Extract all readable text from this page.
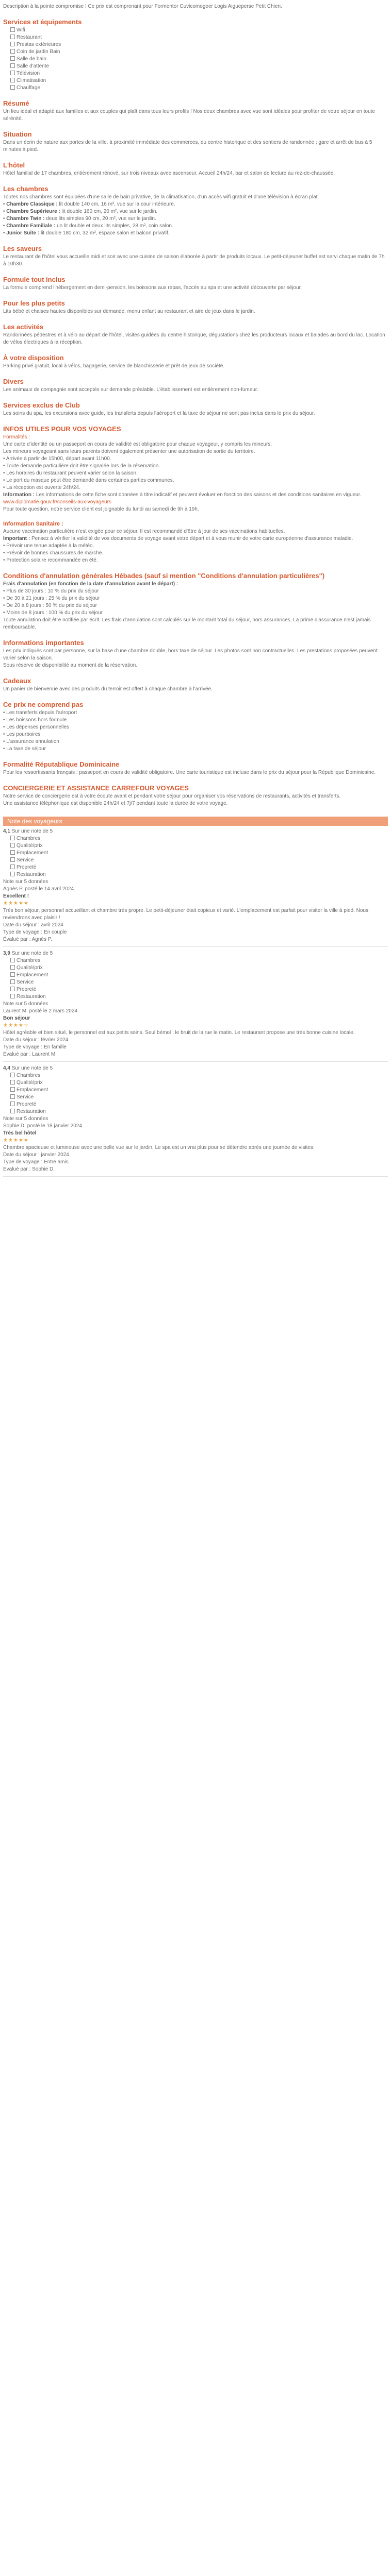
Description à la pointe compromise ! Ce prix est comprenant pour Formentor Cuvicomogeer Logis Aigueperse Petit Chien.

Services et équipements
Wifi
Restaurant
Prestas extérieures
Coin de jardin Bain
Salle de bain
Salle d'attente
Télévision
Climatisation
Chauffage
Résumé

Un lieu idéal et adapté aux familles et aux couples qui plaît dans tous leurs profils ! Nos deux chambres avec vue sont idéales pour profiter de votre séjour en toute sérénité.

Situation

Dans un écrin de nature aux portes de la ville, à proximité immédiate des commerces, du centre historique et des sentiers de randonnée ; gare et arrêt de bus à 5 minutes à pied.

L'hôtel

Hôtel familial de 17 chambres, entièrement rénové, sur trois niveaux avec ascenseur. Accueil 24h/24, bar et salon de lecture au rez-de-chaussée.

Les chambres

Toutes nos chambres sont équipées d'une salle de bain privative, de la climatisation, d'un accès wifi gratuit et d'une télévision à écran plat.

• Chambre Classique : lit double 140 cm, 16 m², vue sur la cour intérieure.

• Chambre Supérieure : lit double 160 cm, 20 m², vue sur le jardin.

• Chambre Twin : deux lits simples 90 cm, 20 m², vue sur le jardin.

• Chambre Familiale : un lit double et deux lits simples, 28 m², coin salon.

• Junior Suite : lit double 180 cm, 32 m², espace salon et balcon privatif.

Les saveurs

Le restaurant de l'hôtel vous accueille midi et soir avec une cuisine de saison élaborée à partir de produits locaux. Le petit-déjeuner buffet est servi chaque matin de 7h à 10h30.

Formule tout inclus

La formule comprend l'hébergement en demi-pension, les boissons aux repas, l'accès au spa et une activité découverte par séjour.

Pour les plus petits

Lits bébé et chaises hautes disponibles sur demande, menu enfant au restaurant et aire de jeux dans le jardin.

Les activités

Randonnées pédestres et à vélo au départ de l'hôtel, visites guidées du centre historique, dégustations chez les producteurs locaux et balades au bord du lac. Location de vélos électriques à la réception.

À votre disposition

Parking privé gratuit, local à vélos, bagagerie, service de blanchisserie et prêt de jeux de société.

Divers

Les animaux de compagnie sont acceptés sur demande préalable. L'établissement est entièrement non-fumeur.

Services exclus de Club

Les soins du spa, les excursions avec guide, les transferts depuis l'aéroport et la taxe de séjour ne sont pas inclus dans le prix du séjour.

INFOS UTILES POUR VOS VOYAGES

Formalités :

Une carte d'identité ou un passeport en cours de validité est obligatoire pour chaque voyageur, y compris les mineurs.

Les mineurs voyageant sans leurs parents doivent également présenter une autorisation de sortie du territoire.

• Arrivée à partir de 15h00, départ avant 11h00.

• Toute demande particulière doit être signalée lors de la réservation.

• Les horaires du restaurant peuvent varier selon la saison.

• Le port du masque peut être demandé dans certaines parties communes.

• La réception est ouverte 24h/24.

Information : Les informations de cette fiche sont données à titre indicatif et peuvent évoluer en fonction des saisons et des conditions sanitaires en vigueur.

www.diplomatie.gouv.fr/conseils-aux-voyageurs

Pour toute question, notre service client est joignable du lundi au samedi de 9h à 19h.

Information Sanitaire :

Aucune vaccination particulière n'est exigée pour ce séjour. Il est recommandé d'être à jour de ses vaccinations habituelles.

Important : Pensez à vérifier la validité de vos documents de voyage avant votre départ et à vous munir de votre carte européenne d'assurance maladie.

• Prévoir une tenue adaptée à la météo.

• Prévoir de bonnes chaussures de marche.

• Protection solaire recommandée en été.

Conditions d'annulation générales Hébades (sauf si mention "Conditions d'annulation particulières")

Frais d'annulation (en fonction de la date d'annulation avant le départ) :

• Plus de 30 jours : 10 % du prix du séjour

• De 30 à 21 jours : 25 % du prix du séjour

• De 20 à 8 jours : 50 % du prix du séjour

• Moins de 8 jours : 100 % du prix du séjour

Toute annulation doit être notifiée par écrit. Les frais d'annulation sont calculés sur le montant total du séjour, hors assurances. La prime d'assurance n'est jamais remboursable.

Informations importantes

Les prix indiqués sont par personne, sur la base d'une chambre double, hors taxe de séjour. Les photos sont non contractuelles. Les prestations proposées peuvent varier selon la saison.

Sous réserve de disponibilité au moment de la réservation.

Cadeaux

Un panier de bienvenue avec des produits du terroir est offert à chaque chambre à l'arrivée.

Ce prix ne comprend pas

• Les transferts depuis l'aéroport

• Les boissons hors formule

• Les dépenses personnelles

• Les pourboires

• L'assurance annulation

• La taxe de séjour

Formalité Réputablique Dominicaine

Pour les ressortissants français : passeport en cours de validité obligatoire. Une carte touristique est incluse dans le prix du séjour pour la République Dominicaine.

CONCIERGERIE ET ASSISTANCE CARREFOUR VOYAGES

Notre service de conciergerie est à votre écoute avant et pendant votre séjour pour organiser vos réservations de restaurants, activités et transferts.

Une assistance téléphonique est disponible 24h/24 et 7j/7 pendant toute la durée de votre voyage.

Note des voyageurs

4,1 Sur une note de 5

Chambres
Qualité/prix
Emplacement
Service
Propreté
Restauration

Note sur 5 données

Agnès P. posté le 14 avril 2024

Excellent !

★★★★★

Très bon séjour, personnel accueillant et chambre très propre. Le petit-déjeuner était copieux et varié. L'emplacement est parfait pour visiter la ville à pied. Nous reviendrons avec plaisir !

Date du séjour : avril 2024

Type de voyage : En couple

Évalué par : Agnès P.

3,9 Sur une note de 5

Chambres
Qualité/prix
Emplacement
Service
Propreté
Restauration

Note sur 5 données

Laurent M. posté le 2 mars 2024

Bon séjour

★★★★☆

Hôtel agréable et bien situé, le personnel est aux petits soins. Seul bémol : le bruit de la rue le matin. Le restaurant propose une très bonne cuisine locale.

Date du séjour : février 2024

Type de voyage : En famille

Évalué par : Laurent M.

4,4 Sur une note de 5

Chambres
Qualité/prix
Emplacement
Service
Propreté
Restauration

Note sur 5 données

Sophie D. posté le 18 janvier 2024

Très bel hôtel

★★★★★

Chambre spacieuse et lumineuse avec une belle vue sur le jardin. Le spa est un vrai plus pour se détendre après une journée de visites.

Date du séjour : janvier 2024

Type de voyage : Entre amis

Évalué par : Sophie D.
